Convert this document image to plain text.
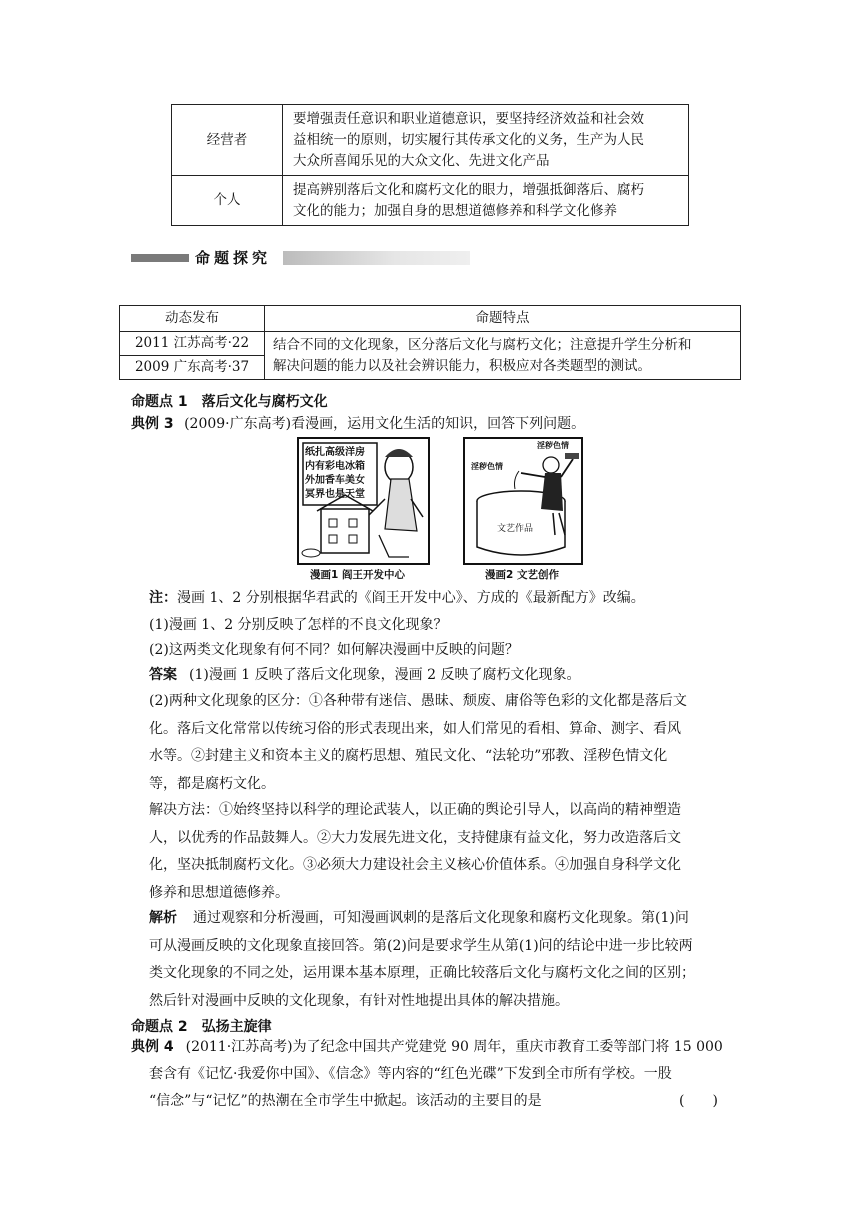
经营者	要增强责任意识和职业道德意识，要坚持经济效益和社会效
益相统一的原则，切实履行其传承文化的义务，生产为人民
大众所喜闻乐见的大众文化、先进文化产品

个人	提高辨别落后文化和腐朽文化的眼力，增强抵御落后、腐朽
文化的能力；加强自身的思想道德修养和科学文化修养
命题探究
动态发布	命题特点
2011 江苏高考·22	结合不同的文化现象，区分落后文化与腐朽文化；注意提升学生分析和
解决问题的能力以及社会辨识能力，积极应对各类题型的测试。

2009 广东高考·37	
命题点 1　落后文化与腐朽文化
典例 3 (2009·广东高考)看漫画，运用文化生活的知识，回答下列问题。
纸扎高级洋房
内有彩电冰箱
外加香车美女
冥界也是天堂
漫画1 阎王开发中心
淫秽色情
淫秽色情
文艺作品
漫画2 文艺创作
注：漫画 1、2 分别根据华君武的《阎王开发中心》、方成的《最新配方》改编。
(1)漫画 1、2 分别反映了怎样的不良文化现象？
(2)这两类文化现象有何不同？如何解决漫画中反映的问题？
答案 (1)漫画 1 反映了落后文化现象，漫画 2 反映了腐朽文化现象。
(2)两种文化现象的区分：①各种带有迷信、愚昧、颓废、庸俗等色彩的文化都是落后文
化。落后文化常常以传统习俗的形式表现出来，如人们常见的看相、算命、测字、看风
水等。②封建主义和资本主义的腐朽思想、殖民文化、“法轮功”邪教、淫秽色情文化
等，都是腐朽文化。
解决方法：①始终坚持以科学的理论武装人，以正确的舆论引导人，以高尚的精神塑造
人，以优秀的作品鼓舞人。②大力发展先进文化，支持健康有益文化，努力改造落后文
化，坚决抵制腐朽文化。③必须大力建设社会主义核心价值体系。④加强自身科学文化
修养和思想道德修养。
解析 通过观察和分析漫画，可知漫画讽刺的是落后文化现象和腐朽文化现象。第(1)问
可从漫画反映的文化现象直接回答。第(2)问是要求学生从第(1)问的结论中进一步比较两
类文化现象的不同之处，运用课本基本原理，正确比较落后文化与腐朽文化之间的区别；
然后针对漫画中反映的文化现象，有针对性地提出具体的解决措施。
命题点 2　弘扬主旋律
典例 4 (2011·江苏高考)为了纪念中国共产党建党 90 周年，重庆市教育工委等部门将 15 000
套含有《记忆·我爱你中国》、《信念》等内容的“红色光碟”下发到全市所有学校。一股
“信念”与“记忆”的热潮在全市学生中掀起。该活动的主要目的是	(　　)
